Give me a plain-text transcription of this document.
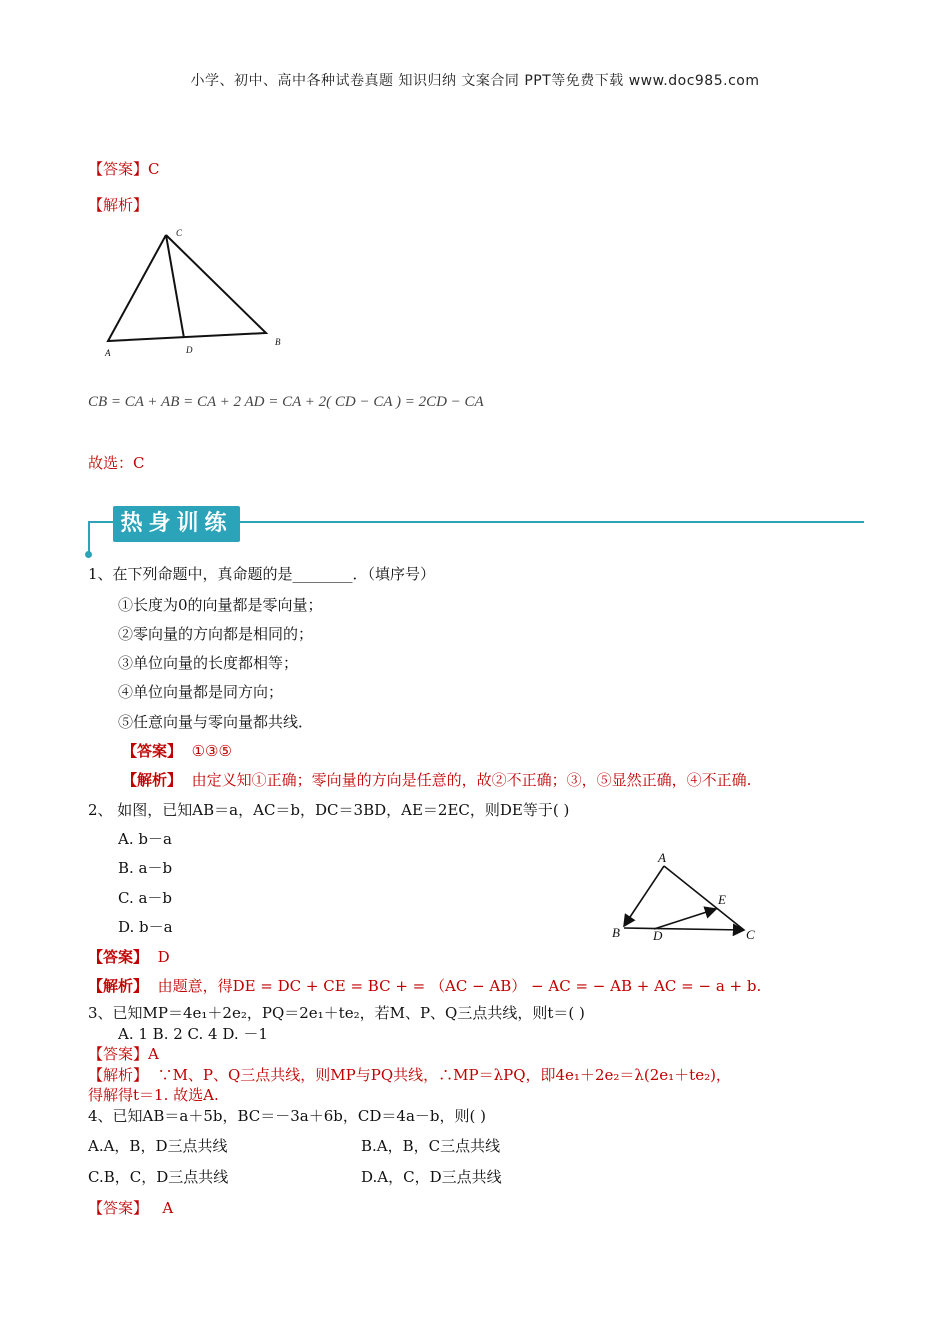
小学、初中、高中各种试卷真题 知识归纳 文案合同 PPT等免费下载 www.doc985.com
【答案】C
【解析】
C
A	D
B
CB = CA + AB = CA + 2 AD = CA + 2( CD − CA ) = 2CD − CA
故选：C
热身训练
1、在下列命题中，真命题的是________．（填序号）
①长度为0的向量都是零向量；
②零向量的方向都是相同的；
③单位向量的长度都相等；
④单位向量都是同方向；
⑤任意向量与零向量都共线．
【答案】 ①③⑤
【解析】 由定义知①正确；零向量的方向是任意的，故②不正确；③，⑤显然正确，④不正确.
2、 如图，已知AB＝a，AC＝b，DC＝3BD，AE＝2EC，则DE等于( )
A. b－a
B. a－b
C. a－b
D. b－a
A
B	D
E
C
【答案】 D
【解析】 由题意，得DE = DC + CE = BC + = （AC − AB） − AC = − AB + AC = − a + b.
3、已知MP＝4e₁＋2e₂，PQ＝2e₁＋te₂，若M、P、Q三点共线，则t＝( )
A. 1 B. 2 C. 4 D. －1
【答案】A
【解析】 ∵M、P、Q三点共线，则MP与PQ共线，∴MP＝λPQ，即4e₁＋2e₂＝λ(2e₁＋te₂)，
得解得t＝1. 故选A.
4、已知AB＝a＋5b，BC＝－3a＋6b，CD＝4a－b，则( )
A.A，B，D三点共线	B.A，B，C三点共线
C.B，C，D三点共线	D.A，C，D三点共线
【答案】 A
